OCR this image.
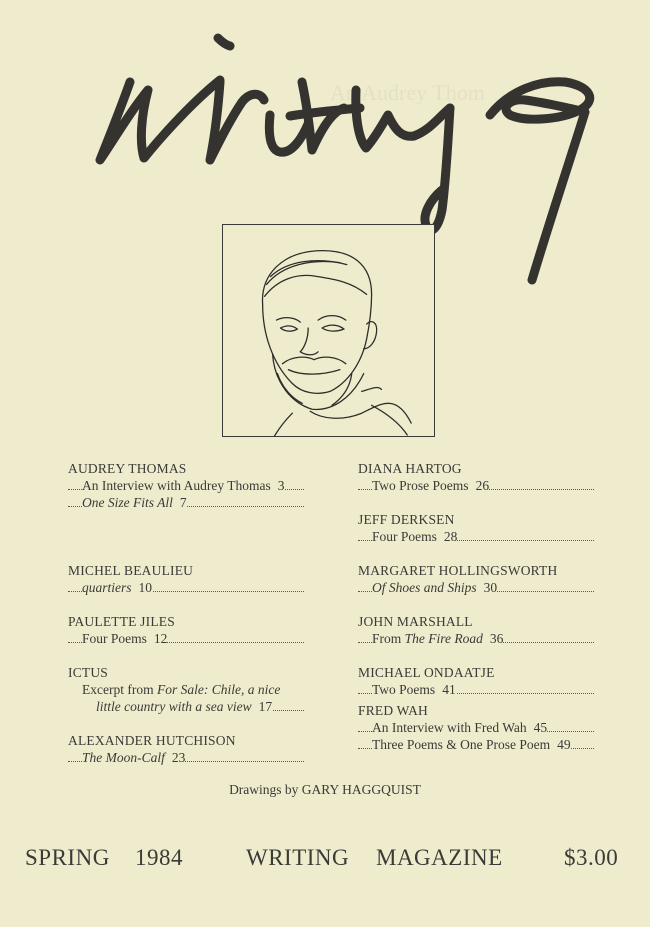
An Audrey Thom
AUDREY THOMAS
An Interview with Audrey Thomas 3
One Size Fits All 7
MICHEL BEAULIEU
quartiers 10
PAULETTE JILES
Four Poems 12
ICTUS
Excerpt from For Sale: Chile, a nice
little country with a sea view 17
ALEXANDER HUTCHISON
The Moon-Calf 23
DIANA HARTOG
Two Prose Poems 26
JEFF DERKSEN
Four Poems 28
MARGARET HOLLINGSWORTH
Of Shoes and Ships 30
JOHN MARSHALL
From The Fire Road 36
MICHAEL ONDAATJE
Two Poems 41
FRED WAH
An Interview with Fred Wah 45
Three Poems & One Prose Poem 49
Drawings by GARY HAGGQUIST
SPRING 1984	WRITING MAGAZINE	$3.00
